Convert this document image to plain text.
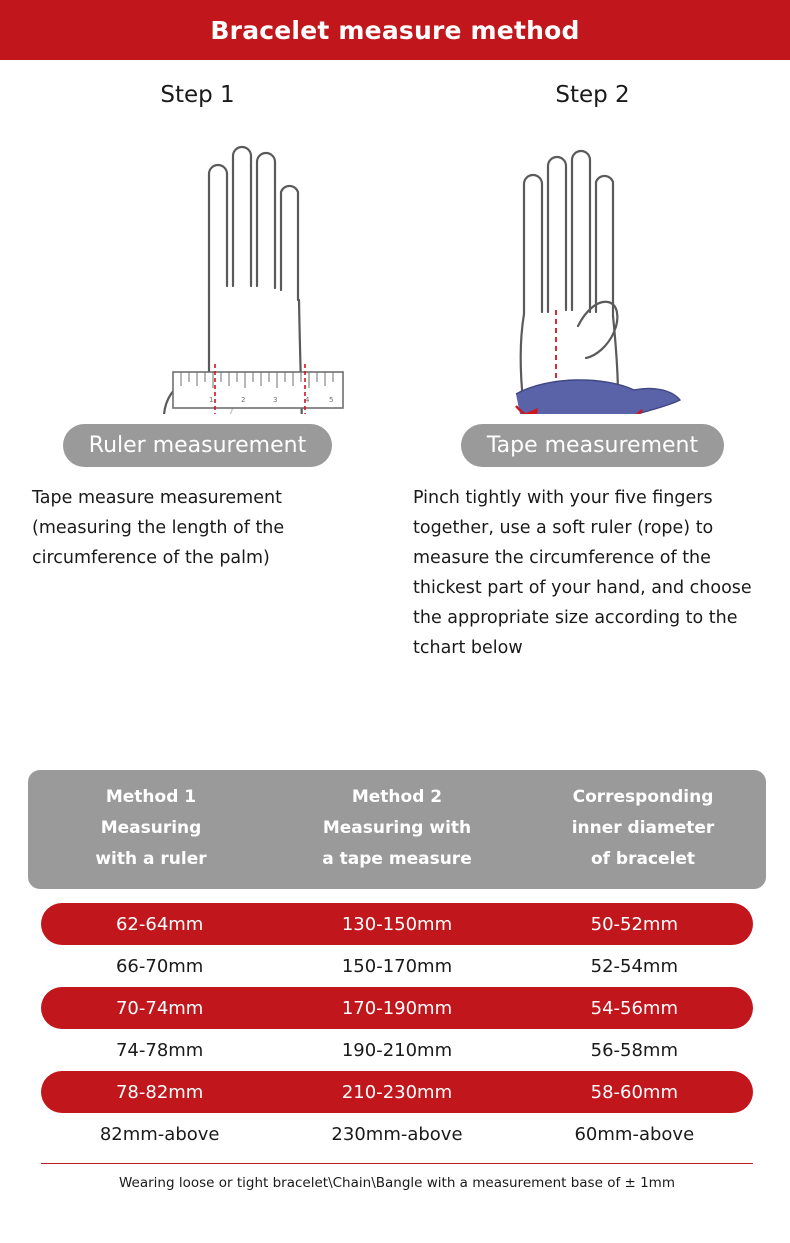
Bracelet measure method
Step 1
1	2	3	4	5
Step 2
Ruler measurement	Tape measurement
Tape measure measurement (measuring the length of the circumference of the palm)
Pinch tightly with your five fingers together, use a soft ruler (rope) to measure the circumference of the thickest part of your hand, and choose the appropriate size according to the tchart below
Method 1
Measuring
with a ruler
Method 2
Measuring with
a tape measure
Corresponding
inner diameter
of bracelet
62-64mm	130-150mm	50-52mm
66-70mm	150-170mm	52-54mm
70-74mm	170-190mm	54-56mm
74-78mm	190-210mm	56-58mm
78-82mm	210-230mm	58-60mm
82mm-above	230mm-above	60mm-above
Wearing loose or tight bracelet\Chain\Bangle with a measurement base of ± 1mm
